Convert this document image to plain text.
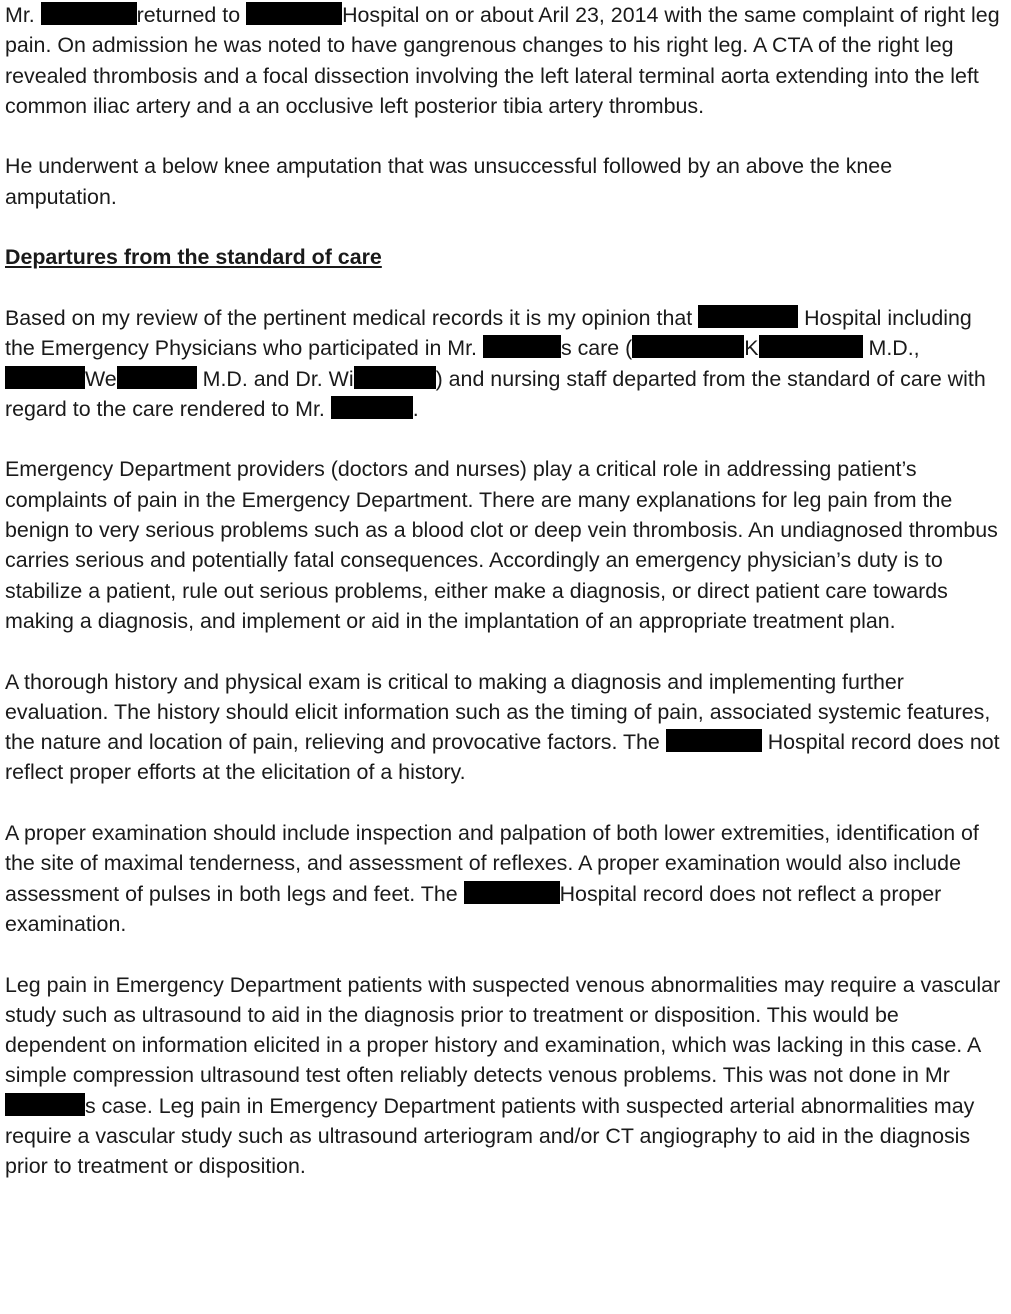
Mr.	returned to	Hospital on or about Aril 23, 2014 with the same complaint of right leg pain. On admission he was noted to have gangrenous changes to his right leg. A CTA of the right leg revealed thrombosis and a focal dissection involving the left lateral terminal aorta extending into the left common iliac artery and a an occlusive left posterior tibia artery thrombus.

He underwent a below knee amputation that was unsuccessful followed by an above the knee amputation.

Departures from the standard of care

Based on my review of the pertinent medical records it is my opinion that	Hospital including the Emergency Physicians who participated in Mr.	s care (	K	M.D., We	M.D. and Dr. Wi	) and nursing staff departed from the standard of care with regard to the care rendered to Mr.	.

Emergency Department providers (doctors and nurses) play a critical role in addressing patient’s complaints of pain in the Emergency Department. There are many explanations for leg pain from the benign to very serious problems such as a blood clot or deep vein thrombosis. An undiagnosed thrombus carries serious and potentially fatal consequences. Accordingly an emergency physician’s duty is to stabilize a patient, rule out serious problems, either make a diagnosis, or direct patient care towards making a diagnosis, and implement or aid in the implantation of an appropriate treatment plan.

A thorough history and physical exam is critical to making a diagnosis and implementing further evaluation. The history should elicit information such as the timing of pain, associated systemic features, the nature and location of pain, relieving and provocative factors. The	Hospital record does not reflect proper efforts at the elicitation of a history.

A proper examination should include inspection and palpation of both lower extremities, identification of the site of maximal tenderness, and assessment of reflexes. A proper examination would also include assessment of pulses in both legs and feet. The	Hospital record does not reflect a proper examination.

Leg pain in Emergency Department patients with suspected venous abnormalities may require a vascular study such as ultrasound to aid in the diagnosis prior to treatment or disposition. This would be dependent on information elicited in a proper history and examination, which was lacking in this case. A simple compression ultrasound test often reliably detects venous problems. This was not done in Mr s case. Leg pain in Emergency Department patients with suspected arterial abnormalities may require a vascular study such as ultrasound arteriogram and/or CT angiography to aid in the diagnosis prior to treatment or disposition.
